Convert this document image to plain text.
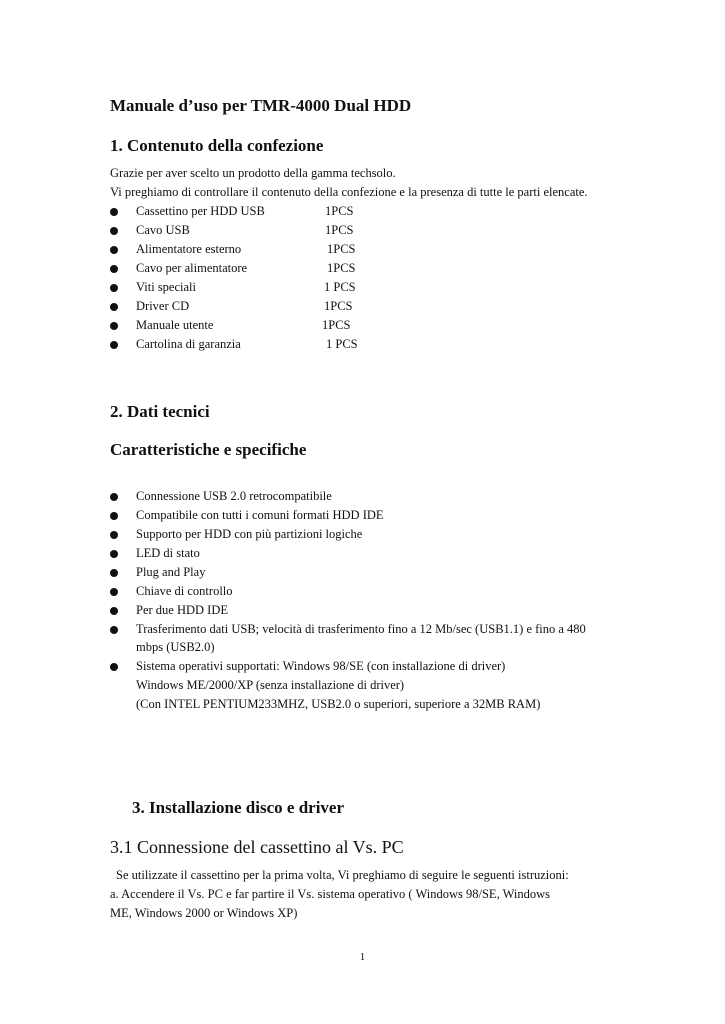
Manuale d’uso per TMR-4000 Dual HDD
1. Contenuto della confezione
Grazie per aver scelto un prodotto della gamma techsolo.
Vi preghiamo di controllare il contenuto della confezione e la presenza di tutte le parti elencate.
Cassettino per HDD USB	1PCS
Cavo USB	1PCS
Alimentatore esterno	1PCS
Cavo per alimentatore	1PCS
Viti speciali	1 PCS
Driver CD	1PCS
Manuale utente	1PCS
Cartolina di garanzia	1 PCS
2. Dati tecnici
Caratteristiche e specifiche
Connessione USB 2.0 retrocompatibile
Compatibile con tutti i comuni formati HDD IDE
Supporto per HDD con più partizioni logiche
LED di stato
Plug and Play
Chiave di controllo
Per due HDD IDE
Trasferimento dati USB; velocità di trasferimento fino a 12 Mb/sec (USB1.1) e fino a 480
mbps (USB2.0)
Sistema operativi supportati: Windows 98/SE (con installazione di driver)
Windows ME/2000/XP (senza installazione di driver)
(Con INTEL PENTIUM233MHZ, USB2.0 o superiori, superiore a 32MB RAM)
3. Installazione disco e driver
3.1 Connessione del cassettino al Vs. PC
Se utilizzate il cassettino per la prima volta, Vi preghiamo di seguire le seguenti istruzioni:
a. Accendere il Vs. PC e far partire il Vs. sistema operativo ( Windows 98/SE, Windows
ME, Windows 2000 or Windows XP)
1
